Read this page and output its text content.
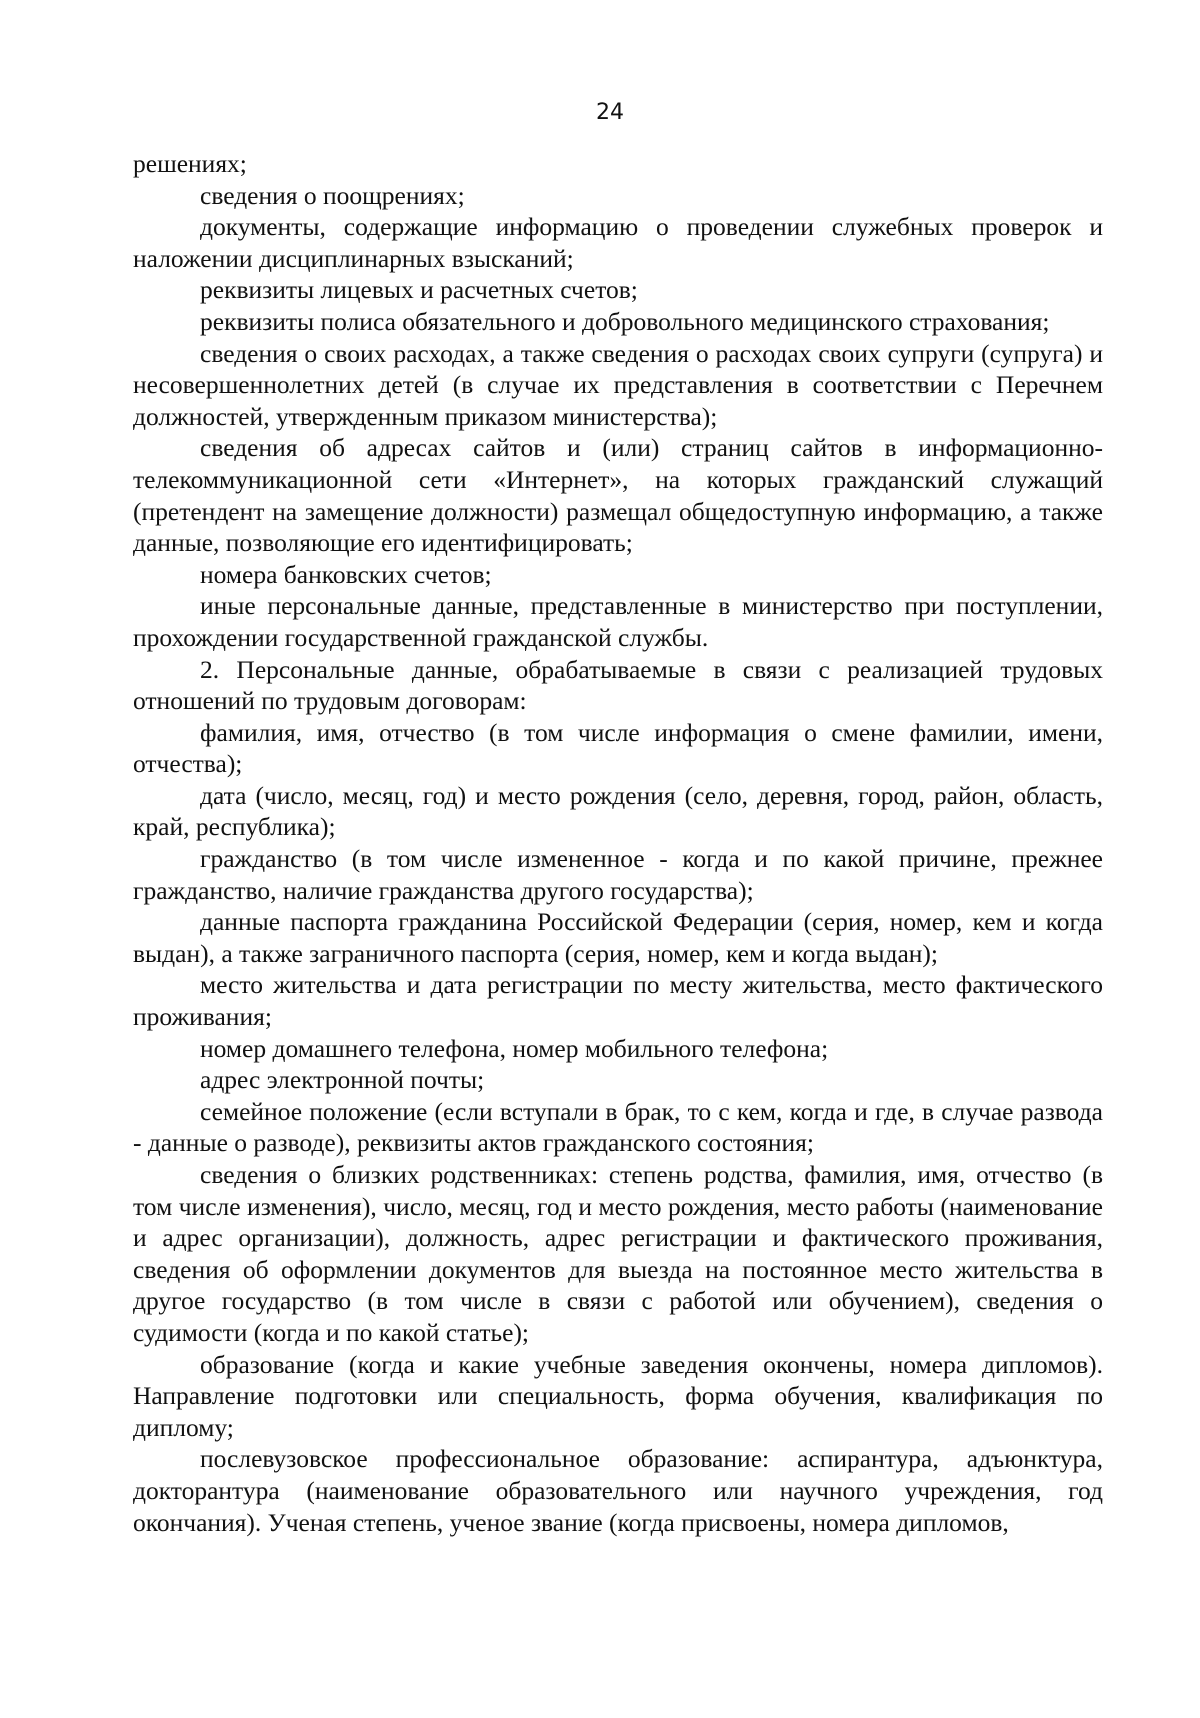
24

решениях;

сведения о поощрениях;

документы, содержащие информацию о проведении служебных проверок и наложении дисциплинарных взысканий;

реквизиты лицевых и расчетных счетов;

реквизиты полиса обязательного и добровольного медицинского страхования;

сведения о своих расходах, а также сведения о расходах своих супруги (супруга) и несовершеннолетних детей (в случае их представления в соответствии с Перечнем должностей, утвержденным приказом министерства);

сведения об адресах сайтов и (или) страниц сайтов в информационно-телекоммуникационной сети «Интернет», на которых гражданский служащий (претендент на замещение должности) размещал общедоступную информацию, а также данные, позволяющие его идентифицировать;

номера банковских счетов;

иные персональные данные, представленные в министерство при поступлении, прохождении государственной гражданской службы.

2. Персональные данные, обрабатываемые в связи с реализацией трудовых отношений по трудовым договорам:

фамилия, имя, отчество (в том числе информация о смене фамилии, имени, отчества);

дата (число, месяц, год) и место рождения (село, деревня, город, район, область, край, республика);

гражданство (в том числе измененное - когда и по какой причине, прежнее гражданство, наличие гражданства другого государства);

данные паспорта гражданина Российской Федерации (серия, номер, кем и когда выдан), а также заграничного паспорта (серия, номер, кем и когда выдан);

место жительства и дата регистрации по месту жительства, место фактического проживания;

номер домашнего телефона, номер мобильного телефона;

адрес электронной почты;

семейное положение (если вступали в брак, то с кем, когда и где, в случае развода - данные о разводе), реквизиты актов гражданского состояния;

сведения о близких родственниках: степень родства, фамилия, имя, отчество (в том числе изменения), число, месяц, год и место рождения, место работы (наименование и адрес организации), должность, адрес регистрации и фактического проживания, сведения об оформлении документов для выезда на постоянное место жительства в другое государство (в том числе в связи с работой или обучением), сведения о судимости (когда и по какой статье);

образование (когда и какие учебные заведения окончены, номера дипломов). Направление подготовки или специальность, форма обучения, квалификация по диплому;

послевузовское профессиональное образование: аспирантура, адъюнктура, докторантура (наименование образовательного или научного учреждения, год окончания). Ученая степень, ученое звание (когда присвоены, номера дипломов,
